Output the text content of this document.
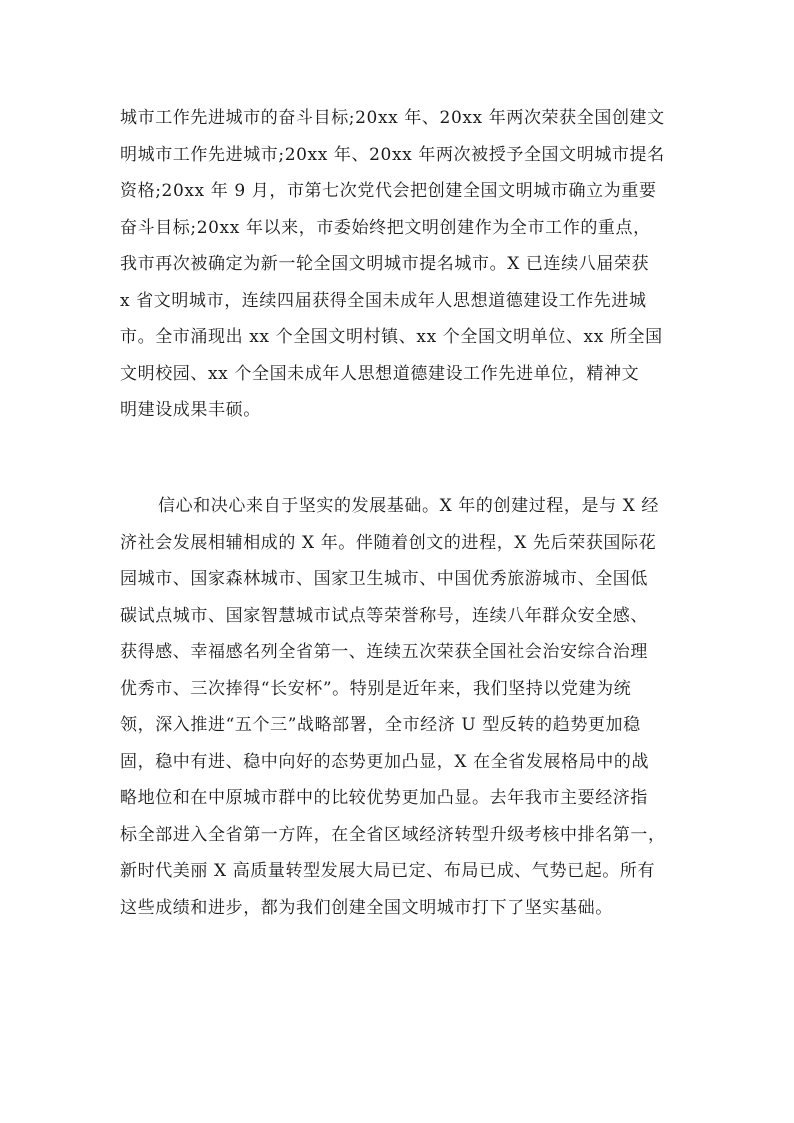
城市工作先进城市的奋斗目标;20xx 年、20xx 年两次荣获全国创建文
明城市工作先进城市;20xx 年、20xx 年两次被授予全国文明城市提名
资格;20xx 年 9 月，市第七次党代会把创建全国文明城市确立为重要
奋斗目标;20xx 年以来，市委始终把文明创建作为全市工作的重点，
我市再次被确定为新一轮全国文明城市提名城市。X 已连续八届荣获
x 省文明城市，连续四届获得全国未成年人思想道德建设工作先进城
市。全市涌现出 xx 个全国文明村镇、xx 个全国文明单位、xx 所全国
文明校园、xx 个全国未成年人思想道德建设工作先进单位，精神文
明建设成果丰硕。
信心和决心来自于坚实的发展基础。X 年的创建过程，是与 X 经
济社会发展相辅相成的 X 年。伴随着创文的进程，X 先后荣获国际花
园城市、国家森林城市、国家卫生城市、中国优秀旅游城市、全国低
碳试点城市、国家智慧城市试点等荣誉称号，连续八年群众安全感、
获得感、幸福感名列全省第一、连续五次荣获全国社会治安综合治理
优秀市、三次捧得“长安杯”。特别是近年来，我们坚持以党建为统
领，深入推进“五个三”战略部署，全市经济 U 型反转的趋势更加稳
固，稳中有进、稳中向好的态势更加凸显，X 在全省发展格局中的战
略地位和在中原城市群中的比较优势更加凸显。去年我市主要经济指
标全部进入全省第一方阵，在全省区域经济转型升级考核中排名第一，
新时代美丽 X 高质量转型发展大局已定、布局已成、气势已起。所有
这些成绩和进步，都为我们创建全国文明城市打下了坚实基础。
